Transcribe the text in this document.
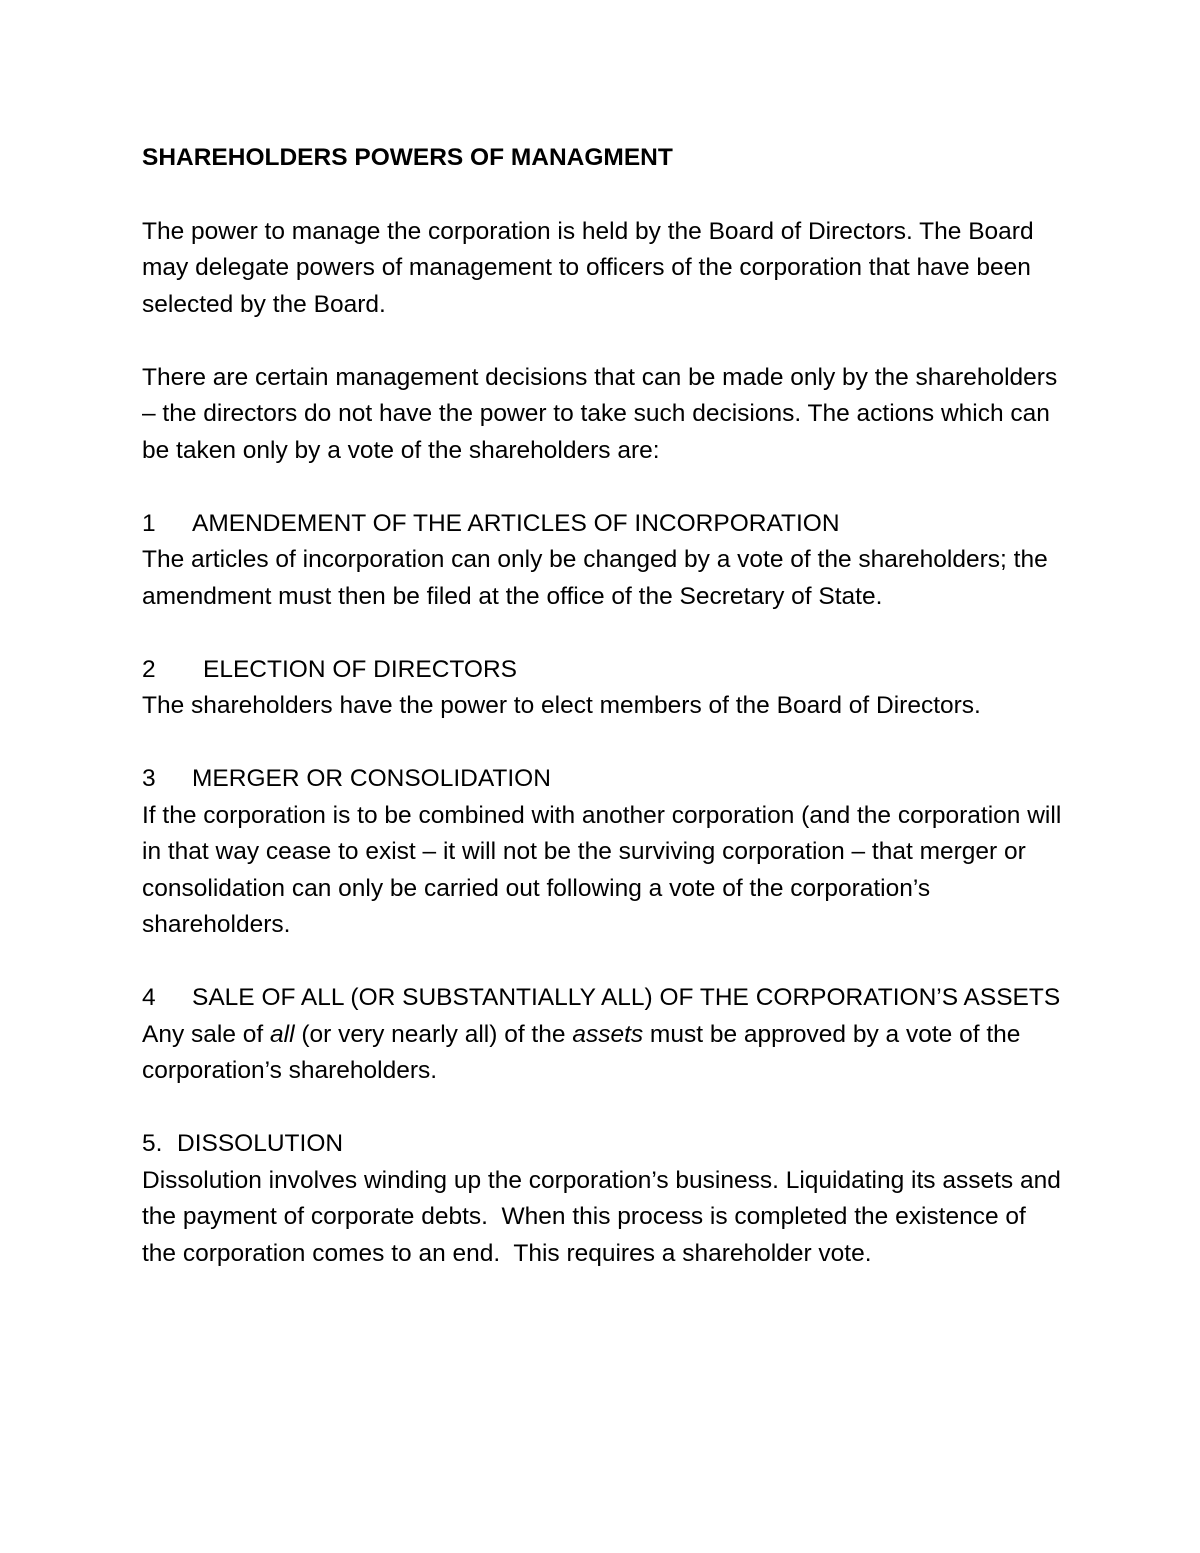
SHAREHOLDERS POWERS OF MANAGMENT

The power to manage the corporation is held by the Board of Directors. The Board may delegate powers of management to officers of the corporation that have been selected by the Board.

There are certain management decisions that can be made only by the shareholders – the directors do not have the power to take such decisions. The actions which can be taken only by a vote of the shareholders are:

1 AMENDEMENT OF THE ARTICLES OF INCORPORATION
The articles of incorporation can only be changed by a vote of the shareholders; the amendment must then be filed at the office of the Secretary of State.

2 ELECTION OF DIRECTORS
The shareholders have the power to elect members of the Board of Directors.

3 MERGER OR CONSOLIDATION
If the corporation is to be combined with another corporation (and the corporation will in that way cease to exist – it will not be the surviving corporation – that merger or consolidation can only be carried out following a vote of the corporation’s shareholders.

4 SALE OF ALL (OR SUBSTANTIALLY ALL) OF THE CORPORATION’S ASSETS
Any sale of all (or very nearly all) of the assets must be approved by a vote of the corporation’s shareholders.

5. DISSOLUTION
Dissolution involves winding up the corporation’s business. Liquidating its assets and the payment of corporate debts.  When this process is completed the existence of the corporation comes to an end.  This requires a shareholder vote.
